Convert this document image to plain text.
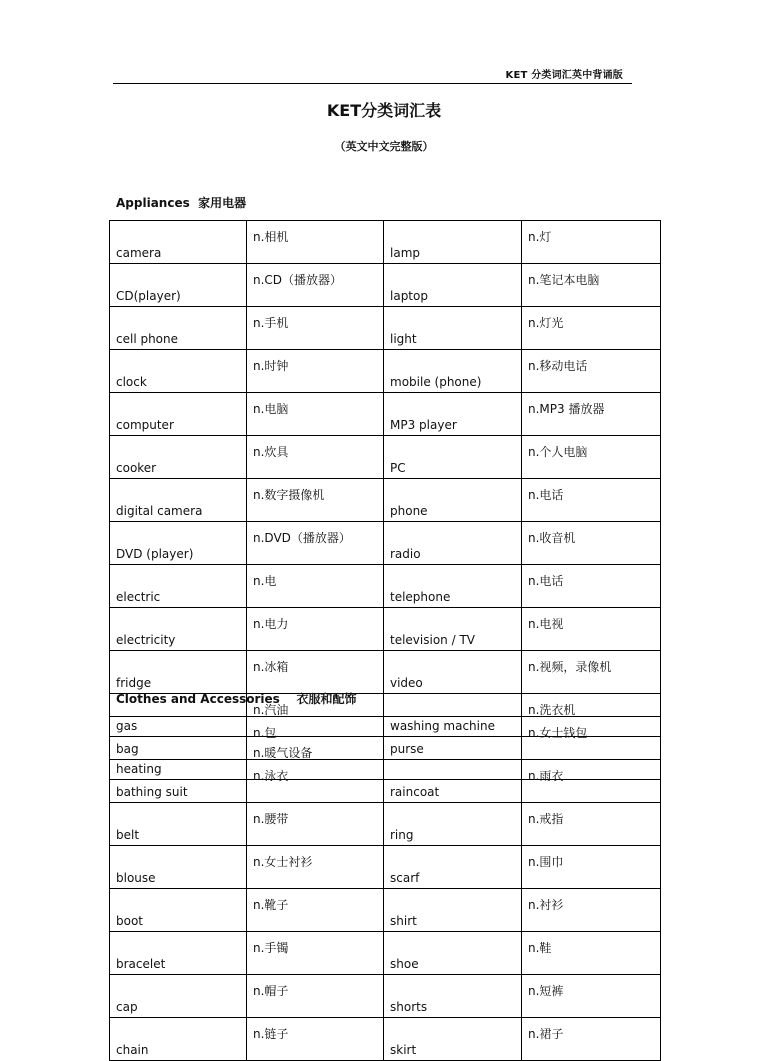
KET 分类词汇英中背诵版
KET分类词汇表
（英文中文完整版）
Appliances  家用电器
camera	n.相机	lamp	n.灯
CD(player)	n.CD（播放器）	laptop	n.笔记本电脑
cell phone	n.手机	light	n.灯光
clock	n.时钟	mobile (phone)	n.移动电话
computer	n.电脑	MP3 player	n.MP3 播放器
cooker	n.炊具	PC	n.个人电脑
digital camera	n.数字摄像机	phone	n.电话
DVD (player)	n.DVD（播放器）	radio	n.收音机
electric	n.电	telephone	n.电话
electricity	n.电力	television / TV	n.电视
fridge	n.冰箱	video	n.视频，录像机
gas	n.汽油	washing machine	n.洗衣机
heating	n.暖气设备		
Clothes and Accessories    衣服和配饰
bag	n.包	purse	n.女士钱包
bathing suit	n.泳衣	raincoat	n.雨衣
belt	n.腰带	ring	n.戒指
blouse	n.女士衬衫	scarf	n.围巾
boot	n.靴子	shirt	n.衬衫
bracelet	n.手镯	shoe	n.鞋
cap	n.帽子	shorts	n.短裤
chain	n.链子	skirt	n.裙子
